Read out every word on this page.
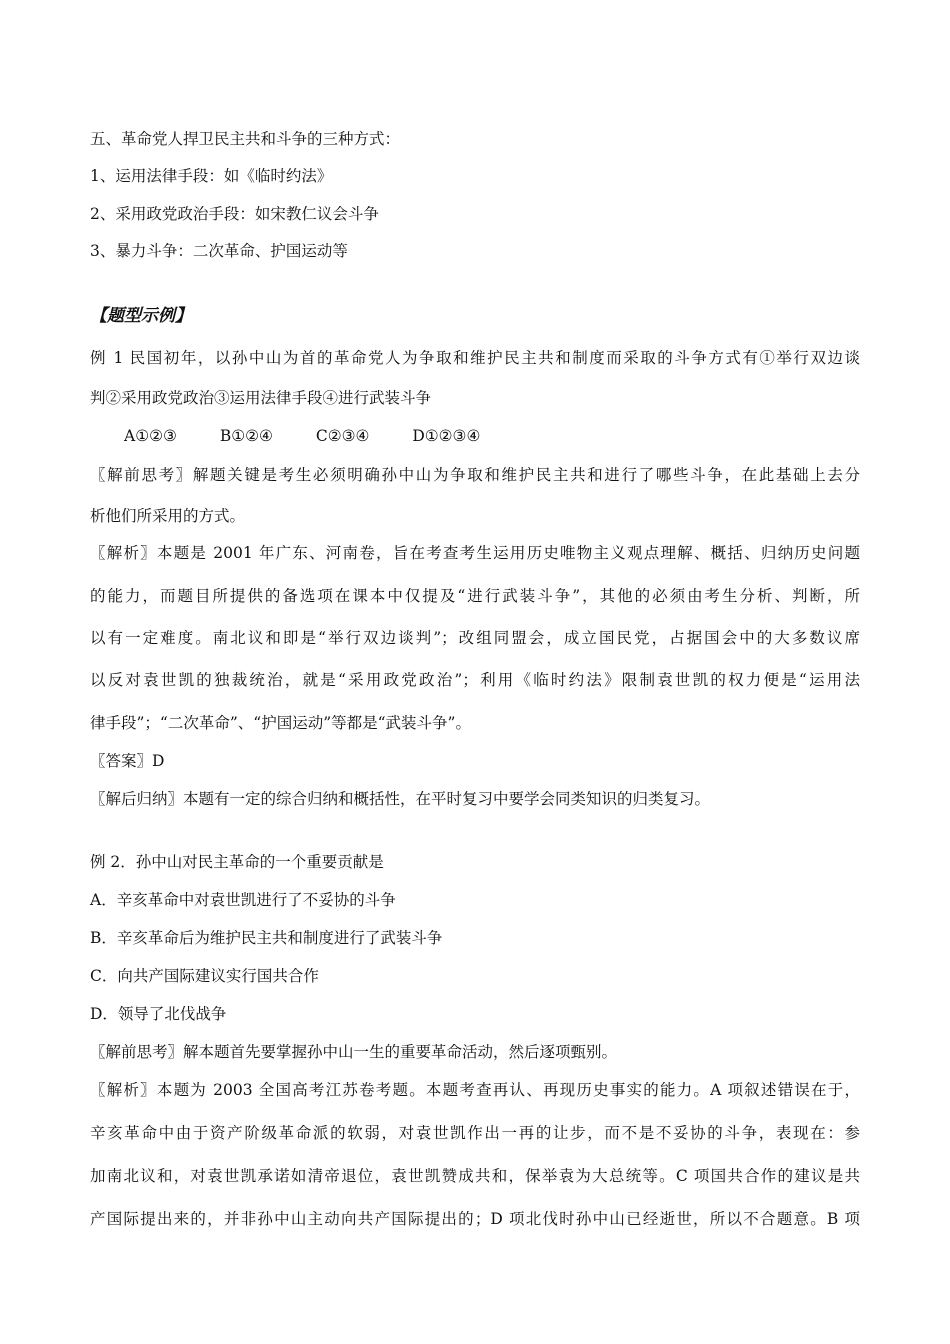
五、革命党人捍卫民主共和斗争的三种方式：
1、运用法律手段：如《临时约法》
2、采用政党政治手段：如宋教仁议会斗争
3、暴力斗争：二次革命、护国运动等
【题型示例】
例 1 民国初年，以孙中山为首的革命党人为争取和维护民主共和制度而采取的斗争方式有①举行双边谈
判②采用政党政治③运用法律手段④进行武装斗争
A①②③	B①②④	C②③④	D①②③④
〖解前思考〗解题关键是考生必须明确孙中山为争取和维护民主共和进行了哪些斗争，在此基础上去分
析他们所采用的方式。
〖解析〗本题是 2001 年广东、河南卷，旨在考查考生运用历史唯物主义观点理解、概括、归纳历史问题
的能力，而题目所提供的备选项在课本中仅提及“进行武装斗争”，其他的必须由考生分析、判断，所
以有一定难度。南北议和即是“举行双边谈判”；改组同盟会，成立国民党，占据国会中的大多数议席
以反对袁世凯的独裁统治，就是“采用政党政治”；利用《临时约法》限制袁世凯的权力便是“运用法
律手段”；“二次革命”、“护国运动”等都是“武装斗争”。
〖答案〗D
〖解后归纳〗本题有一定的综合归纳和概括性，在平时复习中要学会同类知识的归类复习。
例 2．孙中山对民主革命的一个重要贡献是
A．辛亥革命中对袁世凯进行了不妥协的斗争
B．辛亥革命后为维护民主共和制度进行了武装斗争
C．向共产国际建议实行国共合作
D．领导了北伐战争
〖解前思考〗解本题首先要掌握孙中山一生的重要革命活动，然后逐项甄别。
〖解析〗本题为 2003 全国高考江苏卷考题。本题考查再认、再现历史事实的能力。A 项叙述错误在于，
辛亥革命中由于资产阶级革命派的软弱，对袁世凯作出一再的让步，而不是不妥协的斗争，表现在：参
加南北议和，对袁世凯承诺如清帝退位，袁世凯赞成共和，保举袁为大总统等。C 项国共合作的建议是共
产国际提出来的，并非孙中山主动向共产国际提出的；D 项北伐时孙中山已经逝世，所以不合题意。B 项
